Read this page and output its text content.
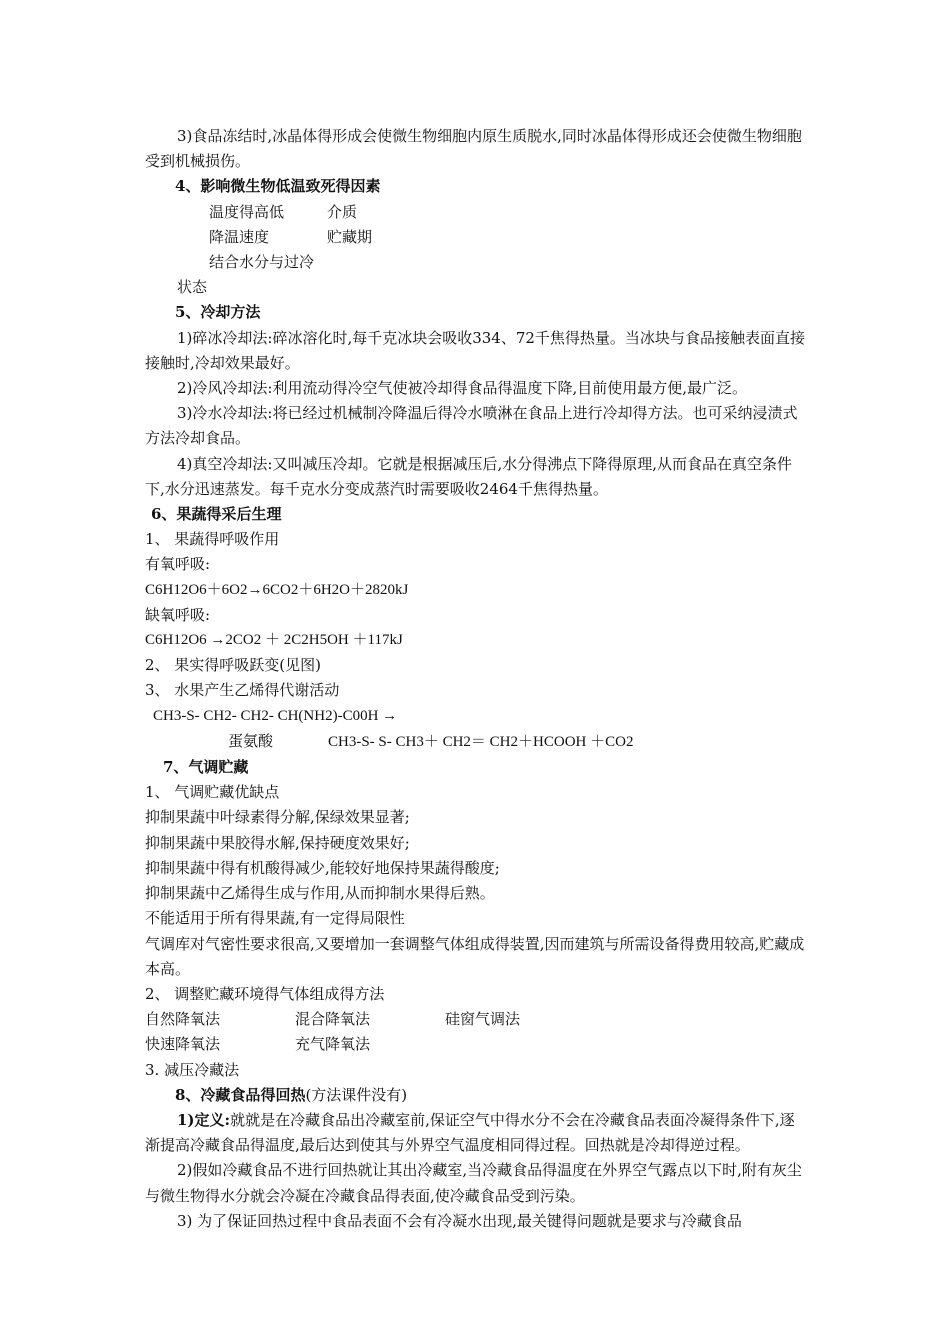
3)食品冻结时,冰晶体得形成会使微生物细胞内原生质脱水,同时冰晶体得形成还会使微生物细胞受到机械损伤。

4、影响微生物低温致死得因素

温度得高低	介质
降温速度	贮藏期
结合水分与过冷状态

5、冷却方法

1)碎冰冷却法:碎冰溶化时,每千克冰块会吸收334、72千焦得热量。当冰块与食品接触表面直接接触时,冷却效果最好。

2)冷风冷却法:利用流动得冷空气使被冷却得食品得温度下降,目前使用最方便,最广泛。

3)冷水冷却法:将已经过机械制冷降温后得冷水喷淋在食品上进行冷却得方法。也可采纳浸渍式方法冷却食品。

4)真空冷却法:又叫减压冷却。它就是根据减压后,水分得沸点下降得原理,从而食品在真空条件下,水分迅速蒸发。每千克水分变成蒸汽时需要吸收2464千焦得热量。

6、果蔬得采后生理

1、 果蔬得呼吸作用

有氧呼吸:

C6H12O6＋6O2→6CO2＋6H2O＋2820kJ

缺氧呼吸:

C6H12O6 →2CO2 ＋ 2C2H5OH ＋117kJ

2、 果实得呼吸跃变(见图)

3、 水果产生乙烯得代谢活动

CH3-S- CH2- CH2- CH(NH2)-C00H →

蛋氨酸	CH3-S- S- CH3＋ CH2＝ CH2＋HCOOH ＋CO2

7、气调贮藏

1、 气调贮藏优缺点

抑制果蔬中叶绿素得分解,保绿效果显著;

抑制果蔬中果胶得水解,保持硬度效果好;

抑制果蔬中得有机酸得减少,能较好地保持果蔬得酸度;

抑制果蔬中乙烯得生成与作用,从而抑制水果得后熟。

不能适用于所有得果蔬,有一定得局限性

气调库对气密性要求很高,又要增加一套调整气体组成得装置,因而建筑与所需设备得费用较高,贮藏成本高。

2、 调整贮藏环境得气体组成得方法

自然降氧法	混合降氧法	硅窗气调法
快速降氧法	充气降氧法

3. 减压冷藏法

8、冷藏食品得回热(方法课件没有)

1)定义:就就是在冷藏食品出冷藏室前,保证空气中得水分不会在冷藏食品表面冷凝得条件下,逐渐提高冷藏食品得温度,最后达到使其与外界空气温度相同得过程。回热就是冷却得逆过程。

2)假如冷藏食品不进行回热就让其出冷藏室,当冷藏食品得温度在外界空气露点以下时,附有灰尘与微生物得水分就会冷凝在冷藏食品得表面,使冷藏食品受到污染。

3) 为了保证回热过程中食品表面不会有冷凝水出现,最关键得问题就是要求与冷藏食品
